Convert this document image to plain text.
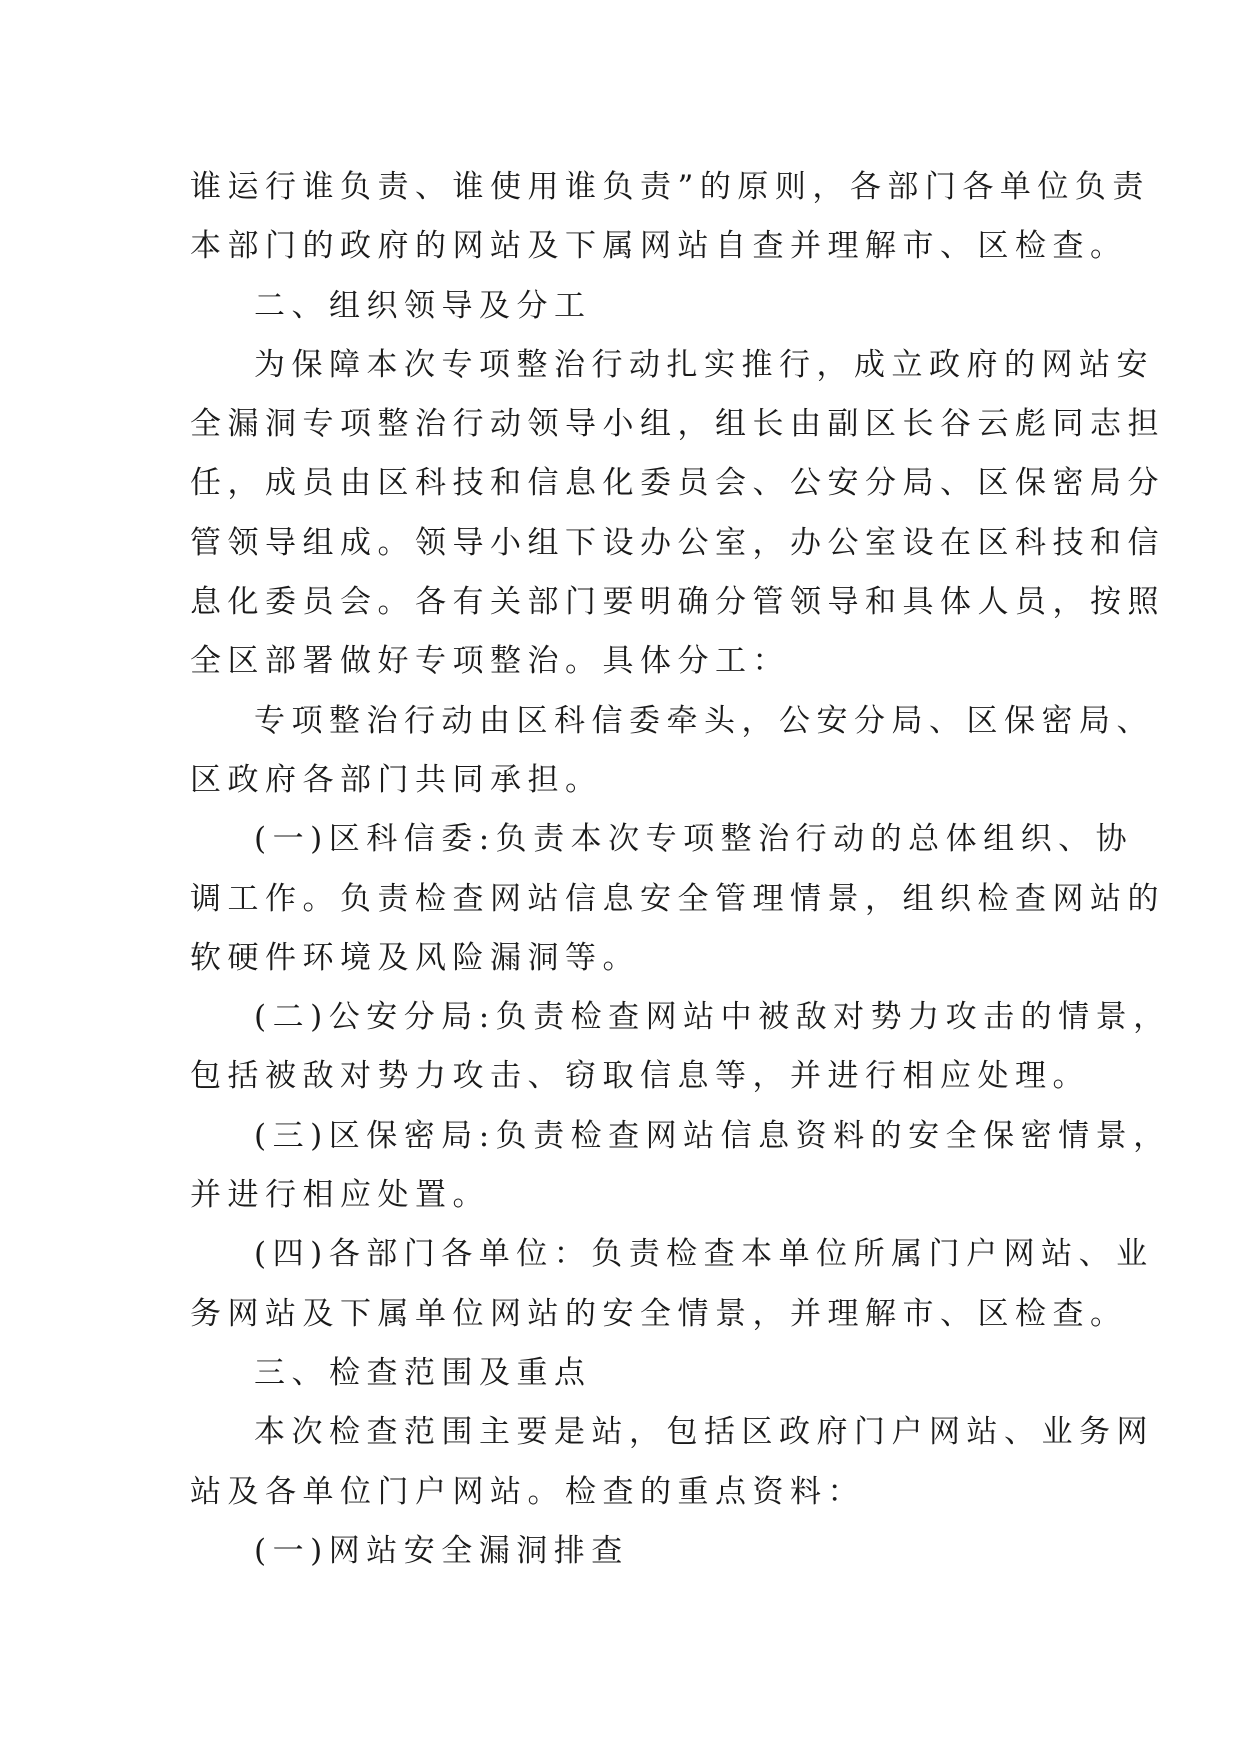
谁运行谁负责、谁使用谁负责”的原则，各部门各单位负责
本部门的政府的网站及下属网站自查并理解市、区检查。
二、组织领导及分工
为保障本次专项整治行动扎实推行，成立政府的网站安
全漏洞专项整治行动领导小组，组长由副区长谷云彪同志担
任，成员由区科技和信息化委员会、公安分局、区保密局分
管领导组成。领导小组下设办公室，办公室设在区科技和信
息化委员会。各有关部门要明确分管领导和具体人员，按照
全区部署做好专项整治。具体分工：
专项整治行动由区科信委牵头，公安分局、区保密局、
区政府各部门共同承担。
(一)区科信委:负责本次专项整治行动的总体组织、协
调工作。负责检查网站信息安全管理情景，组织检查网站的
软硬件环境及风险漏洞等。
(二)公安分局:负责检查网站中被敌对势力攻击的情景，
包括被敌对势力攻击、窃取信息等，并进行相应处理。
(三)区保密局:负责检查网站信息资料的安全保密情景，
并进行相应处置。
(四)各部门各单位：负责检查本单位所属门户网站、业
务网站及下属单位网站的安全情景，并理解市、区检查。
三、检查范围及重点
本次检查范围主要是站，包括区政府门户网站、业务网
站及各单位门户网站。检查的重点资料：
(一)网站安全漏洞排查
